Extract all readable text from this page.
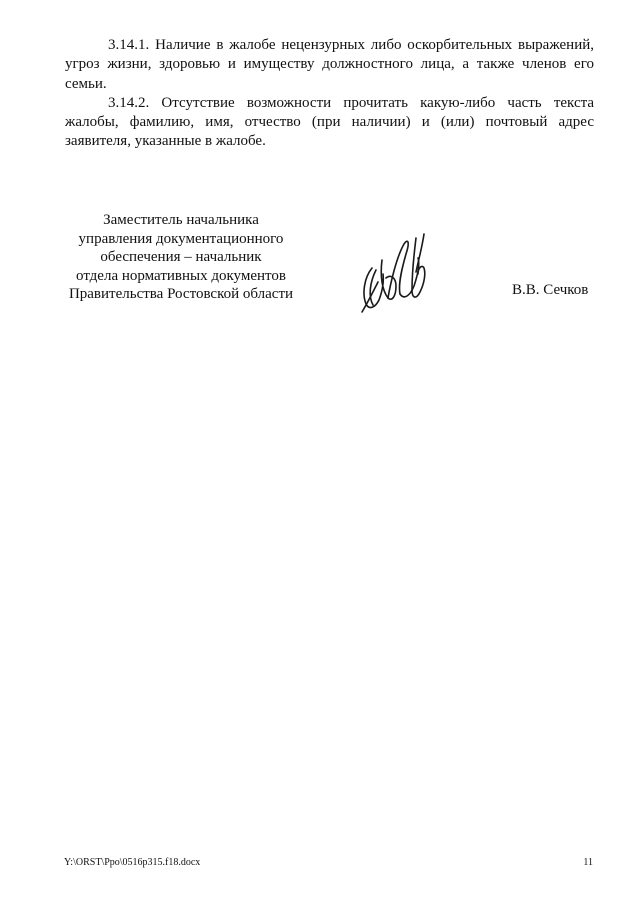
3.14.1. Наличие в жалобе нецензурных либо оскорбительных выражений, угроз жизни, здоровью и имуществу должностного лица, а также членов его семьи.

3.14.2. Отсутствие возможности прочитать какую-либо часть текста жалобы, фамилию, имя, отчество (при наличии) и (или) почтовый адрес заявителя, указанные в жалобе.

Заместитель начальника
управления документационного
обеспечения – начальник
отдела нормативных документов
Правительства Ростовской области	В.В. Сечков
Y:\ORST\Ppo\0516p315.f18.docx	11
